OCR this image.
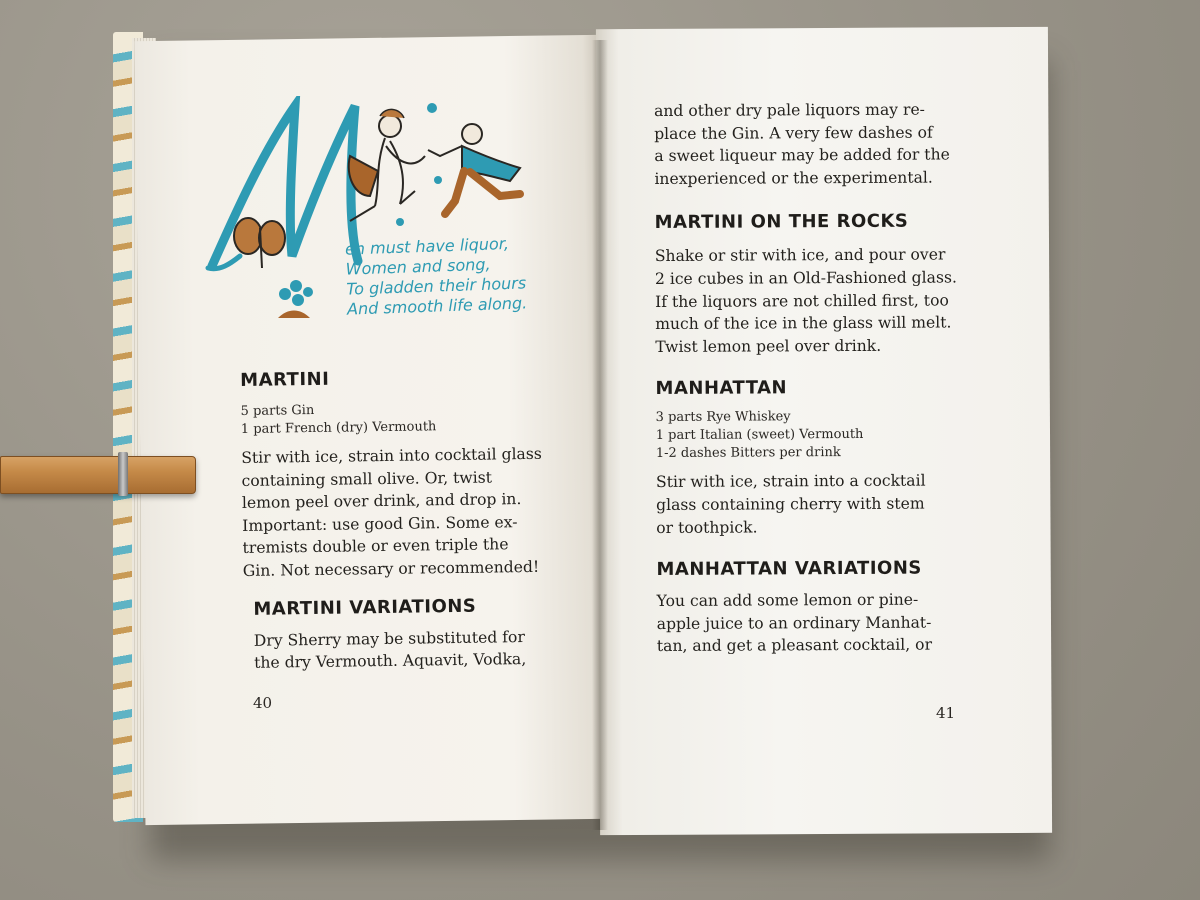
en must have liquor,
Women and song,
To gladden their hours
And smooth life along.
MARTINI

5 parts Gin

1 part French (dry) Vermouth

Stir with ice, strain into cocktail glass
containing small olive. Or, twist
lemon peel over drink, and drop in.
Important: use good Gin. Some ex-
tremists double or even triple the
Gin. Not necessary or recommended!
MARTINI VARIATIONS
Dry Sherry may be substituted for
the dry Vermouth. Aquavit, Vodka,
40
and other dry pale liquors may re-
place the Gin. A very few dashes of
a sweet liqueur may be added for the
inexperienced or the experimental.
MARTINI ON THE ROCKS
Shake or stir with ice, and pour over
2 ice cubes in an Old-Fashioned glass.
If the liquors are not chilled first, too
much of the ice in the glass will melt.
Twist lemon peel over drink.
MANHATTAN

3 parts Rye Whiskey

1 part Italian (sweet) Vermouth

1-2 dashes Bitters per drink

Stir with ice, strain into a cocktail
glass containing cherry with stem
or toothpick.
MANHATTAN VARIATIONS
You can add some lemon or pine-
apple juice to an ordinary Manhat-
tan, and get a pleasant cocktail, or
41
